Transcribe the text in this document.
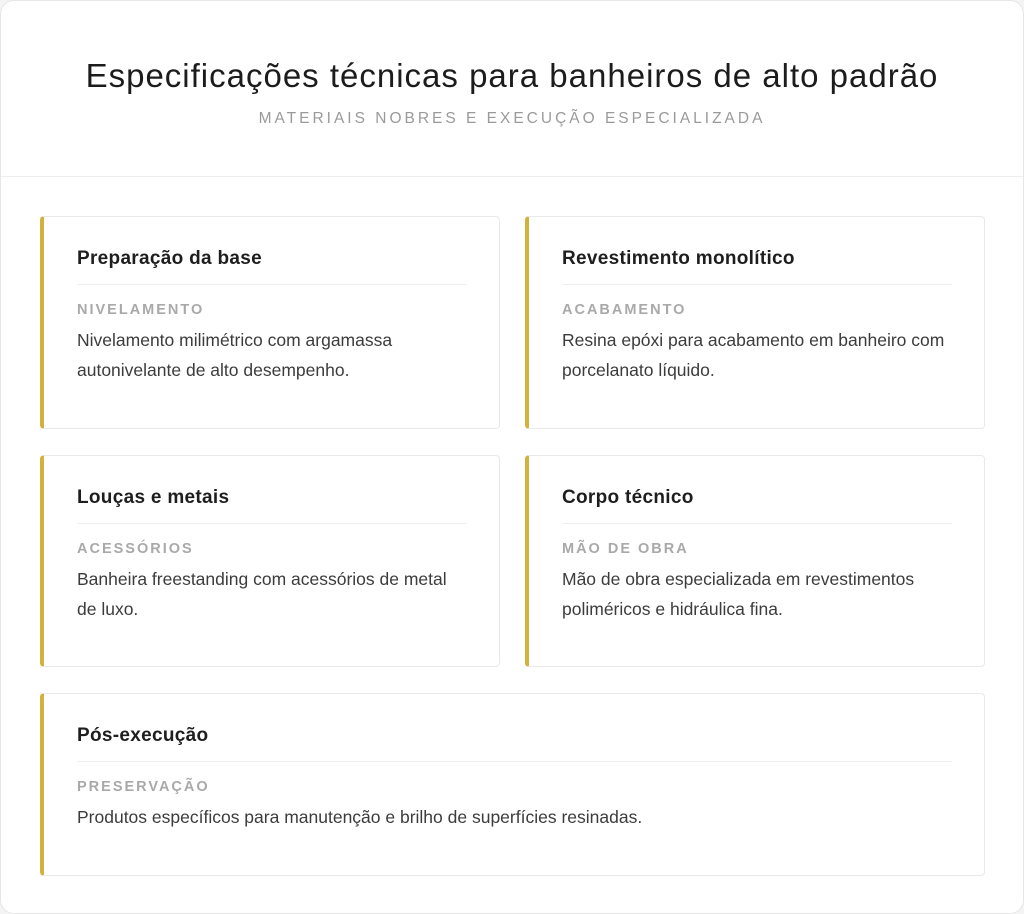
Especificações técnicas para banheiros de alto padrão
MATERIAIS NOBRES E EXECUÇÃO ESPECIALIZADA
Preparação da base
NIVELAMENTO
Nivelamento milimétrico com argamassa autonivelante de alto desempenho.
Revestimento monolítico
ACABAMENTO
Resina epóxi para acabamento em banheiro com porcelanato líquido.
Louças e metais
ACESSÓRIOS
Banheira freestanding com acessórios de metal de luxo.
Corpo técnico
MÃO DE OBRA
Mão de obra especializada em revestimentos poliméricos e hidráulica fina.
Pós-execução
PRESERVAÇÃO
Produtos específicos para manutenção e brilho de superfícies resinadas.
